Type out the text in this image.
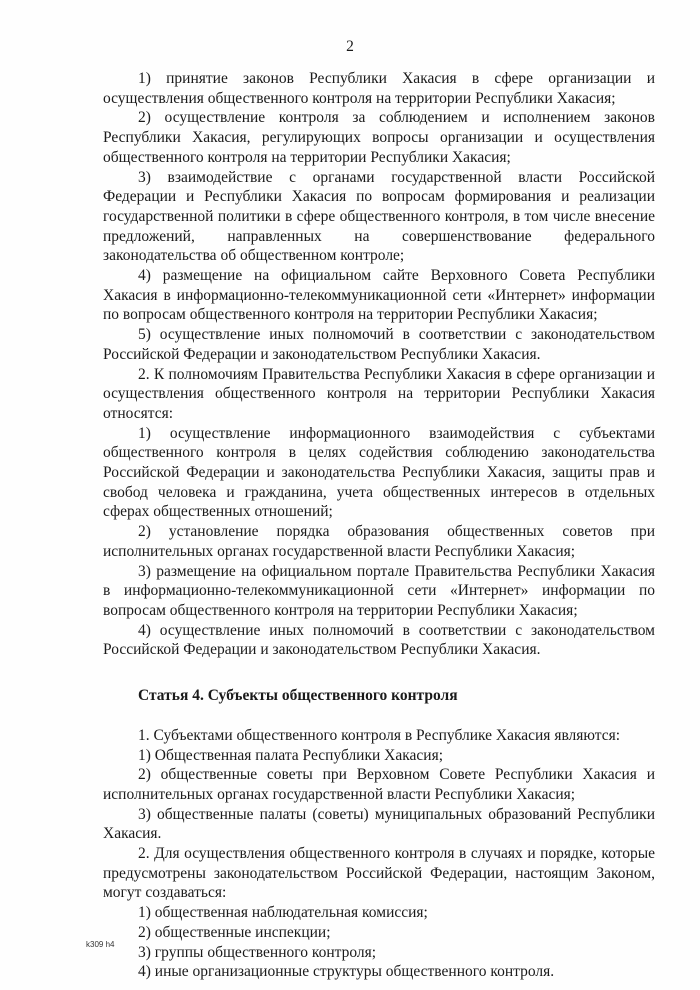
2

1) принятие законов Республики Хакасия в сфере организации и осуществления общественного контроля на территории Республики Хакасия;

2) осуществление контроля за соблюдением и исполнением законов Республики Хакасия, регулирующих вопросы организации и осуществления общественного контроля на территории Республики Хакасия;

3) взаимодействие с органами государственной власти Российской Федерации и Республики Хакасия по вопросам формирования и реализации государственной политики в сфере общественного контроля, в том числе внесение предложений, направленных на совершенствование федерального законодательства об общественном контроле;

4) размещение на официальном сайте Верховного Совета Республики Хакасия в информационно-телекоммуникационной сети «Интернет» информации по вопросам общественного контроля на территории Республики Хакасия;

5) осуществление иных полномочий в соответствии с законодательством Российской Федерации и законодательством Республики Хакасия.

2. К полномочиям Правительства Республики Хакасия в сфере организации и осуществления общественного контроля на территории Республики Хакасия относятся:

1) осуществление информационного взаимодействия с субъектами общественного контроля в целях содействия соблюдению законодательства Российской Федерации и законодательства Республики Хакасия, защиты прав и свобод человека и гражданина, учета общественных интересов в отдельных сферах общественных отношений;

2) установление порядка образования общественных советов при исполнительных органах государственной власти Республики Хакасия;

3) размещение на официальном портале Правительства Республики Хакасия в информационно-телекоммуникационной сети «Интернет» информации по вопросам общественного контроля на территории Республики Хакасия;

4) осуществление иных полномочий в соответствии с законодательством Российской Федерации и законодательством Республики Хакасия.

Статья 4. Субъекты общественного контроля

1. Субъектами общественного контроля в Республике Хакасия являются:

1) Общественная палата Республики Хакасия;

2) общественные советы при Верховном Совете Республики Хакасия и исполнительных органах государственной власти Республики Хакасия;

3) общественные палаты (советы) муниципальных образований Республики Хакасия.

2. Для осуществления общественного контроля в случаях и порядке, которые предусмотрены законодательством Российской Федерации, настоящим Законом, могут создаваться:

1) общественная наблюдательная комиссия;

2) общественные инспекции;

3) группы общественного контроля;

4) иные организационные структуры общественного контроля.

k309 h4
